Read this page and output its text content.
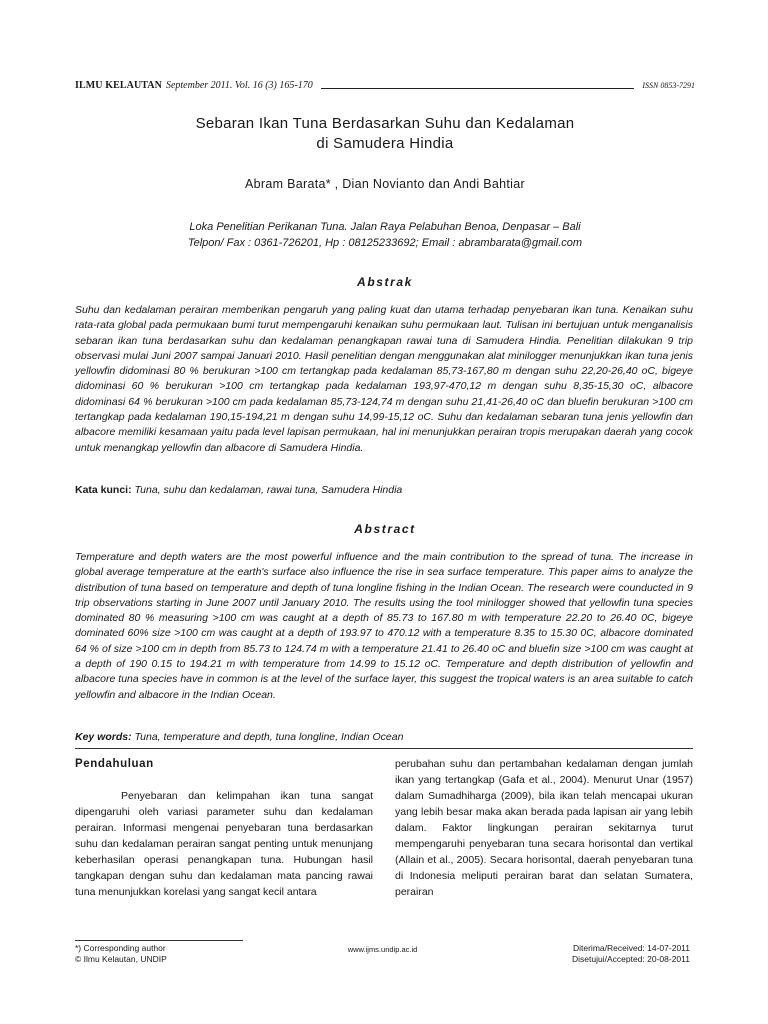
ILMU KELAUTAN September 2011. Vol. 16 (3) 165-170	ISSN 0853-7291
Sebaran Ikan Tuna Berdasarkan Suhu dan Kedalaman
di Samudera Hindia
Abram Barata* , Dian Novianto dan Andi Bahtiar
Loka Penelitian Perikanan Tuna. Jalan Raya Pelabuhan Benoa, Denpasar – Bali
Telpon/ Fax : 0361-726201, Hp : 08125233692; Email : abrambarata@gmail.com
Abstrak

Suhu dan kedalaman perairan memberikan pengaruh yang paling kuat dan utama terhadap penyebaran ikan tuna. Kenaikan suhu rata-rata global pada permukaan bumi turut mempengaruhi kenaikan suhu permukaan laut. Tulisan ini bertujuan untuk menganalisis sebaran ikan tuna berdasarkan suhu dan kedalaman penangkapan rawai tuna di Samudera Hindia. Penelitian dilakukan 9 trip observasi mulai Juni 2007 sampai Januari 2010. Hasil penelitian dengan menggunakan alat minilogger menunjukkan ikan tuna jenis yellowfin didominasi 80 % berukuran >100 cm tertangkap pada kedalaman 85,73-167,80 m dengan suhu 22,20-26,40 oC, bigeye didominasi 60 % berukuran >100 cm tertangkap pada kedalaman 193,97-470,12 m dengan suhu 8,35-15,30 oC, albacore didominasi 64 % berukuran >100 cm pada kedalaman 85,73-124,74 m dengan suhu 21,41-26,40 oC dan bluefin berukuran >100 cm tertangkap pada kedalaman 190,15-194,21 m dengan suhu 14,99-15,12 oC. Suhu dan kedalaman sebaran tuna jenis yellowfin dan albacore memiliki kesamaan yaitu pada level lapisan permukaan, hal ini menunjukkan perairan tropis merupakan daerah yang cocok untuk menangkap yellowfin dan albacore di Samudera Hindia.

Kata kunci: Tuna, suhu dan kedalaman, rawai tuna, Samudera Hindia
Abstract

Temperature and depth waters are the most powerful influence and the main contribution to the spread of tuna. The increase in global average temperature at the earth's surface also influence the rise in sea surface temperature. This paper aims to analyze the distribution of tuna based on temperature and depth of tuna longline fishing in the Indian Ocean. The research were counducted in 9 trip observations starting in June 2007 until January 2010. The results using the tool minilogger showed that yellowfin tuna species dominated 80 % measuring >100 cm was caught at a depth of 85.73 to 167.80 m with temperature 22.20 to 26.40 0C, bigeye dominated 60% size >100 cm was caught at a depth of 193.97 to 470.12 with a temperature 8.35 to 15.30 0C, albacore dominated 64 % of size >100 cm in depth from 85.73 to 124.74 m with a temperature 21.41 to 26.40 oC and bluefin size >100 cm was caught at a depth of 190 0.15 to 194.21 m with temperature from 14.99 to 15.12 oC. Temperature and depth distribution of yellowfin and albacore tuna species have in common is at the level of the surface layer, this suggest the tropical waters is an area suitable to catch yellowfin and albacore in the Indian Ocean.

Key words: Tuna, temperature and depth, tuna longline, Indian Ocean
Pendahuluan

Penyebaran dan kelimpahan ikan tuna sangat dipengaruhi oleh variasi parameter suhu dan kedalaman perairan. Informasi mengenai penyebaran tuna berdasarkan suhu dan kedalaman perairan sangat penting untuk menunjang keberhasilan operasi penangkapan tuna. Hubungan hasil tangkapan dengan suhu dan kedalaman mata pancing rawai tuna menunjukkan korelasi yang sangat kecil antara

perubahan suhu dan pertambahan kedalaman dengan jumlah ikan yang tertangkap (Gafa et al., 2004). Menurut Unar (1957) dalam Sumadhiharga (2009), bila ikan telah mencapai ukuran yang lebih besar maka akan berada pada lapisan air yang lebih dalam. Faktor lingkungan perairan sekitarnya turut mempengaruhi penyebaran tuna secara horisontal dan vertikal (Allain et al., 2005). Secara horisontal, daerah penyebaran tuna di Indonesia meliputi perairan barat dan selatan Sumatera, perairan

*) Corresponding author
© Ilmu Kelautan, UNDIP
www.ijms.undip.ac.id	Diterima/Received: 14-07-2011
Disetujui/Accepted: 20-08-2011
